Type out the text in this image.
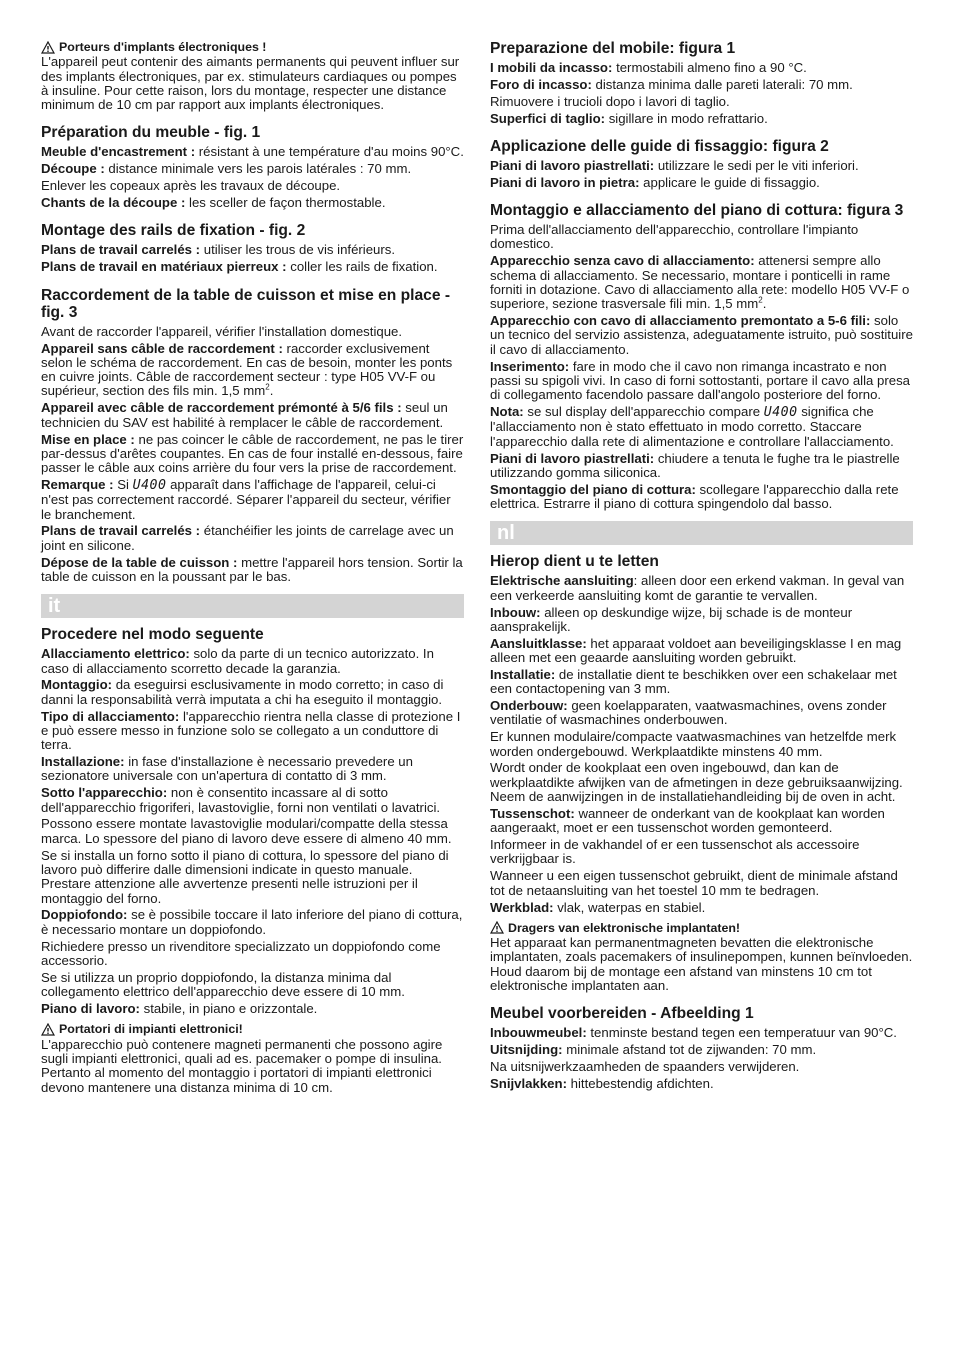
Porteurs d'implants électroniques !

L'appareil peut contenir des aimants permanents qui peuvent influer sur des implants électroniques, par ex. stimulateurs cardiaques ou pompes à insuline. Pour cette raison, lors du montage, respecter une distance minimum de 10 cm par rapport aux implants électroniques.

Préparation du meuble - fig. 1

Meuble d'encastrement : résistant à une température d'au moins 90°C.

Découpe : distance minimale vers les parois latérales : 70 mm.

Enlever les copeaux après les travaux de découpe.

Chants de la découpe : les sceller de façon thermostable.

Montage des rails de fixation - fig. 2

Plans de travail carrelés : utiliser les trous de vis inférieurs.

Plans de travail en matériaux pierreux : coller les rails de fixation.

Raccordement de la table de cuisson et mise en place - fig. 3

Avant de raccorder l'appareil, vérifier l'installation domestique.

Appareil sans câble de raccordement : raccorder exclusivement selon le schéma de raccordement. En cas de besoin, monter les ponts en cuivre joints. Câble de raccordement secteur : type H05 VV-F ou supérieur, section des fils min. 1,5 $mm^2$.

Appareil avec câble de raccordement prémonté à 5/6 fils : seul un technicien du SAV est habilité à remplacer le câble de raccordement.

Mise en place : ne pas coincer le câble de raccordement, ne pas le tirer par-dessus d'arêtes coupantes. En cas de four installé en-dessous, faire passer le câble aux coins arrière du four vers la prise de raccordement.

Remarque : Si U400 apparaît dans l'affichage de l'appareil, celui-ci n'est pas correctement raccordé. Séparer l'appareil du secteur, vérifier le branchement.

Plans de travail carrelés : étanchéifier les joints de carrelage avec un joint en silicone.

Dépose de la table de cuisson : mettre l'appareil hors tension. Sortir la table de cuisson en la poussant par le bas.

it
Procedere nel modo seguente

Allacciamento elettrico: solo da parte di un tecnico autorizzato. In caso di allacciamento scorretto decade la garanzia.

Montaggio: da eseguirsi esclusivamente in modo corretto; in caso di danni la responsabilità verrà imputata a chi ha eseguito il montaggio.

Tipo di allacciamento: l'apparecchio rientra nella classe di protezione I e può essere messo in funzione solo se collegato a un conduttore di terra.

Installazione: in fase d'installazione è necessario prevedere un sezionatore universale con un'apertura di contatto di 3 mm.

Sotto l'apparecchio: non è consentito incassare al di sotto dell'apparecchio frigoriferi, lavastoviglie, forni non ventilati o lavatrici.

Possono essere montate lavastoviglie modulari/compatte della stessa marca. Lo spessore del piano di lavoro deve essere di almeno 40 mm.

Se si installa un forno sotto il piano di cottura, lo spessore del piano di lavoro può differire dalle dimensioni indicate in questo manuale. Prestare attenzione alle avvertenze presenti nelle istruzioni per il montaggio del forno.

Doppiofondo: se è possibile toccare il lato inferiore del piano di cottura, è necessario montare un doppiofondo.

Richiedere presso un rivenditore specializzato un doppiofondo come accessorio.

Se si utilizza un proprio doppiofondo, la distanza minima dal collegamento elettrico dell'apparecchio deve essere di 10 mm.

Piano di lavoro: stabile, in piano e orizzontale.

Portatori di impianti elettronici!

L'apparecchio può contenere magneti permanenti che possono agire sugli impianti elettronici, quali ad es. pacemaker o pompe di insulina. Pertanto al momento del montaggio i portatori di impianti elettronici devono mantenere una distanza minima di 10 cm.

Preparazione del mobile: figura 1

I mobili da incasso: termostabili almeno fino a 90 °C.

Foro di incasso: distanza minima dalle pareti laterali: 70 mm.

Rimuovere i trucioli dopo i lavori di taglio.

Superfici di taglio: sigillare in modo refrattario.

Applicazione delle guide di fissaggio: figura 2

Piani di lavoro piastrellati: utilizzare le sedi per le viti inferiori.

Piani di lavoro in pietra: applicare le guide di fissaggio.

Montaggio e allacciamento del piano di cottura: figura 3

Prima dell'allacciamento dell'apparecchio, controllare l'impianto domestico.

Apparecchio senza cavo di allacciamento: attenersi sempre allo schema di allacciamento. Se necessario, montare i ponticelli in rame forniti in dotazione. Cavo di allacciamento alla rete: modello H05 VV-F o superiore, sezione trasversale fili min. 1,5 $mm^2$.

Apparecchio con cavo di allacciamento premontato a 5-6 fili: solo un tecnico del servizio assistenza, adeguatamente istruito, può sostituire il cavo di allacciamento.

Inserimento: fare in modo che il cavo non rimanga incastrato e non passi su spigoli vivi. In caso di forni sottostanti, portare il cavo alla presa di collegamento facendolo passare dall'angolo posteriore del forno.

Nota: se sul display dell'apparecchio compare U400 significa che l'allacciamento non è stato effettuato in modo corretto. Staccare l'apparecchio dalla rete di alimentazione e controllare l'allacciamento.

Piani di lavoro piastrellati: chiudere a tenuta le fughe tra le piastrelle utilizzando gomma siliconica.

Smontaggio del piano di cottura: scollegare l'apparecchio dalla rete elettrica. Estrarre il piano di cottura spingendolo dal basso.

nl
Hierop dient u te letten

Elektrische aansluiting: alleen door een erkend vakman. In geval van een verkeerde aansluiting komt de garantie te vervallen.

Inbouw: alleen op deskundige wijze, bij schade is de monteur aansprakelijk.

Aansluitklasse: het apparaat voldoet aan beveiligingsklasse I en mag alleen met een geaarde aansluiting worden gebruikt.

Installatie: de installatie dient te beschikken over een schakelaar met een contactopening van 3 mm.

Onderbouw: geen koelapparaten, vaatwasmachines, ovens zonder ventilatie of wasmachines onderbouwen.

Er kunnen modulaire/compacte vaatwasmachines van hetzelfde merk worden ondergebouwd. Werkplaatdikte minstens 40 mm.

Wordt onder de kookplaat een oven ingebouwd, dan kan de werkplaatdikte afwijken van de afmetingen in deze gebruiksaanwijzing. Neem de aanwijzingen in de installatiehandleiding bij de oven in acht.

Tussenschot: wanneer de onderkant van de kookplaat kan worden aangeraakt, moet er een tussenschot worden gemonteerd.

Informeer in de vakhandel of er een tussenschot als accessoire verkrijgbaar is.

Wanneer u een eigen tussenschot gebruikt, dient de minimale afstand tot de netaansluiting van het toestel 10 mm te bedragen.

Werkblad: vlak, waterpas en stabiel.

Dragers van elektronische implantaten!

Het apparaat kan permanentmagneten bevatten die elektronische implantaten, zoals pacemakers of insulinepompen, kunnen beïnvloeden. Houd daarom bij de montage een afstand van minstens 10 cm tot elektronische implantaten aan.

Meubel voorbereiden - Afbeelding 1

Inbouwmeubel: tenminste bestand tegen een temperatuur van 90°C.

Uitsnijding: minimale afstand tot de zijwanden: 70 mm.

Na uitsnijwerkzaamheden de spaanders verwijderen.

Snijvlakken: hittebestendig afdichten.
